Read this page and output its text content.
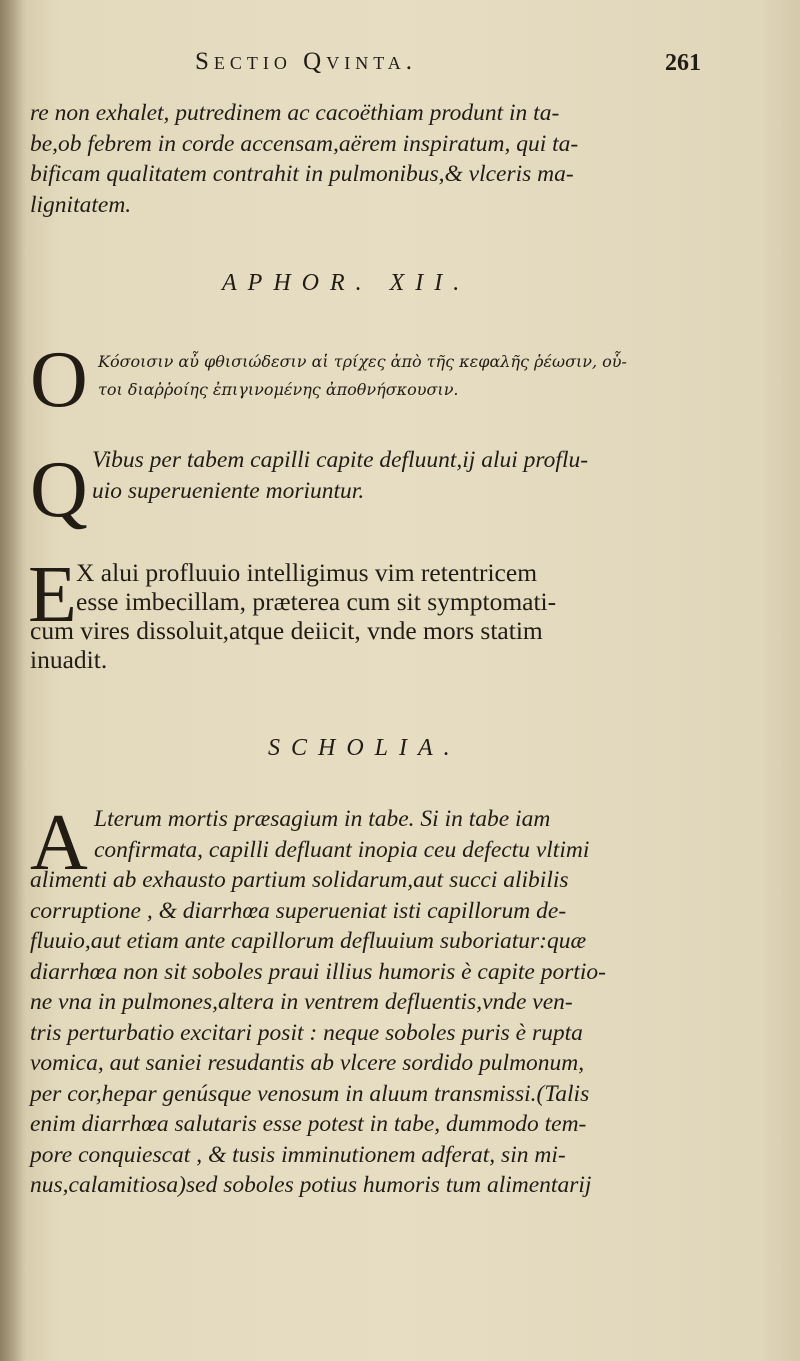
Sectio Qvinta.	261
re non exhalet, putredinem ac cacoëthiam produnt in ta-
be,ob febrem in corde accensam,aërem inspiratum, qui ta-
bificam qualitatem contrahit in pulmonibus,& vlceris ma-
lignitatem.
APHOR. XII.
O Κόσοισιν αὖ φθισιώδεσιν αἱ τρίχες ἀπὸ τῆς κεφαλῆς ῥέωσιν, οὗ-
τοι διαῤῥοίης ἐπιγινομένης ἀποθνήσκουσιν.
Q Vibus per tabem capilli capite defluunt,ij alui proflu-
uio superueniente moriuntur.
E X alui profluuio intelligimus vim retentricem
esse imbecillam, præterea cum sit symptomati-
cum vires dissoluit,atque deiicit, vnde mors statim
inuadit.
SCHOLIA.
A Lterum mortis præsagium in tabe. Si in tabe iam
confirmata, capilli defluant inopia ceu defectu vltimi
alimenti ab exhausto partium solidarum,aut succi alibilis
corruptione , & diarrhœa superueniat isti capillorum de-
fluuio,aut etiam ante capillorum defluuium suboriatur:quæ
diarrhœa non sit soboles praui illius humoris è capite portio-
ne vna in pulmones,altera in ventrem defluentis,vnde ven-
tris perturbatio excitari posit : neque soboles puris è rupta
vomica, aut saniei resudantis ab vlcere sordido pulmonum,
per cor,hepar genúsque venosum in aluum transmissi.(Talis
enim diarrhœa salutaris esse potest in tabe, dummodo tem-
pore conquiescat , & tusis imminutionem adferat, sin mi-
nus,calamitiosa)sed soboles potius humoris tum alimentarij
